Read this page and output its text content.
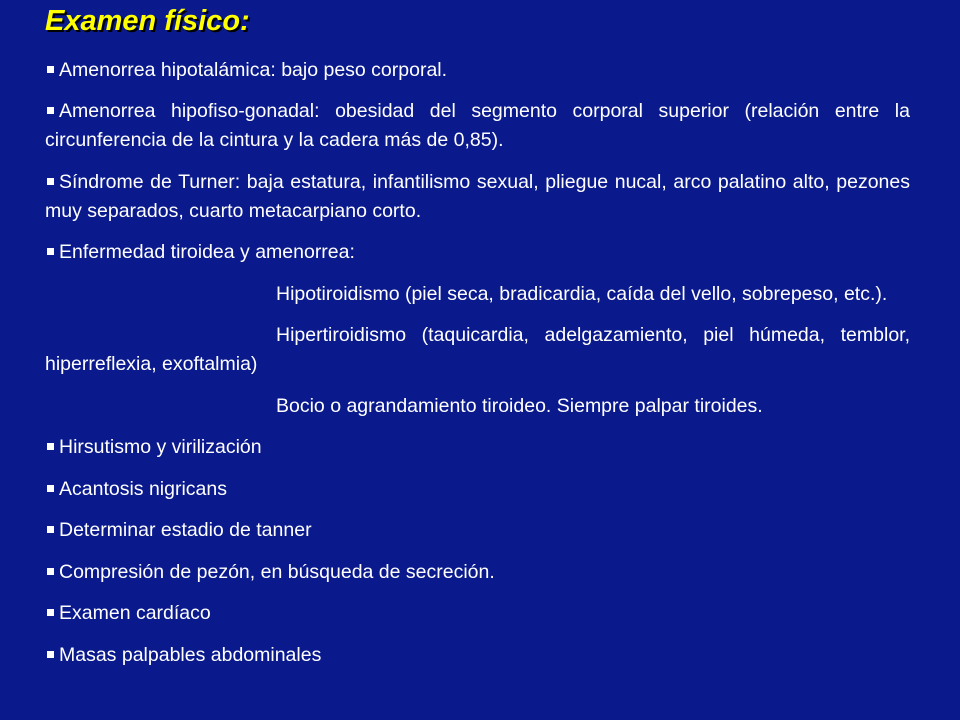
Examen físico:
Amenorrea hipotalámica: bajo peso corporal.
Amenorrea hipofiso-gonadal: obesidad del segmento corporal superior (relación entre la circunferencia de la cintura y la cadera más de 0,85).
Síndrome de Turner: baja estatura, infantilismo sexual, pliegue nucal, arco palatino alto, pezones muy separados, cuarto metacarpiano corto.
Enfermedad tiroidea y amenorrea:
Hipotiroidismo (piel seca, bradicardia, caída del vello, sobrepeso, etc.).
Hipertiroidismo (taquicardia, adelgazamiento, piel húmeda, temblor, hiperreflexia, exoftalmia)
Bocio o agrandamiento tiroideo. Siempre palpar tiroides.
Hirsutismo y virilización
Acantosis nigricans
Determinar estadio de tanner
Compresión de pezón, en búsqueda de secreción.
Examen cardíaco
Masas palpables abdominales
